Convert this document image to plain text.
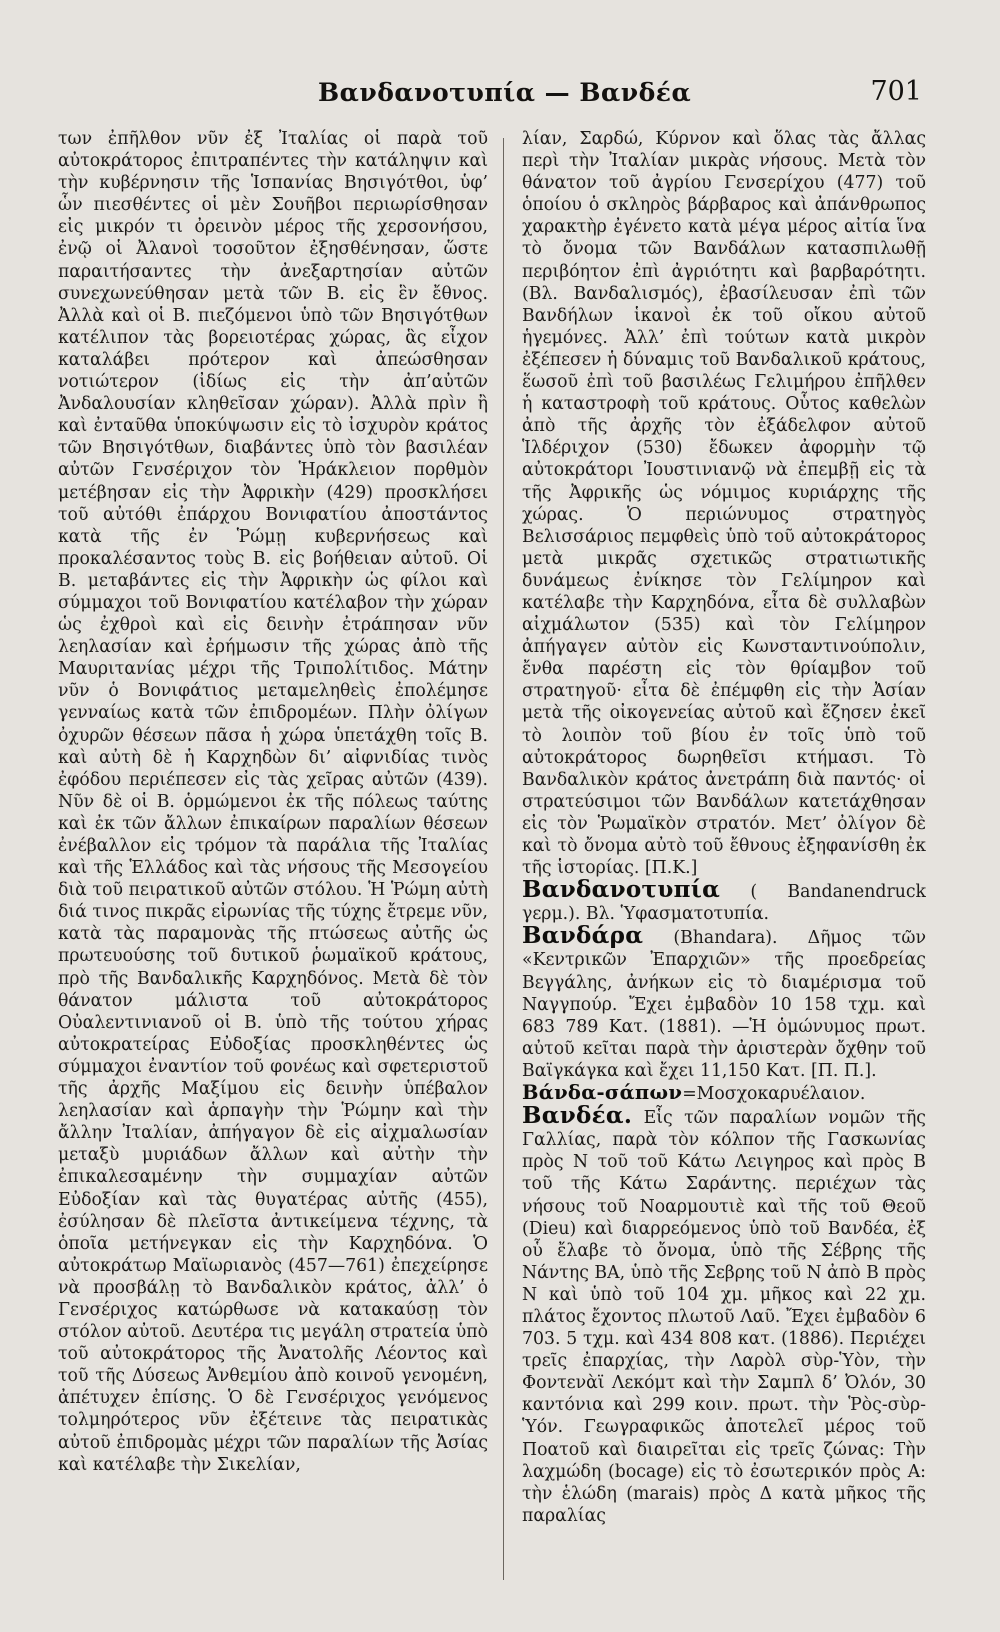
Βανδανοτυπία — Βανδέα	701

των ἐπῆλθον νῦν ἐξ Ἰταλίας οἱ παρὰ τοῦ αὐτοκράτορος ἐπιτραπέντες τὴν κατάληψιν καὶ τὴν κυβέρνησιν τῆς Ἱσπανίας Βησιγότθοι, ὑφ’ ὧν πιεσθέντες οἱ μὲν Σουῆβοι περιωρίσθησαν εἰς μικρόν τι ὀρεινὸν μέρος τῆς χερσονήσου, ἐνῷ οἱ Ἀλανοὶ τοσοῦτον ἐξησθένησαν, ὥστε παραιτήσαντες τὴν ἀνεξαρτησίαν αὐτῶν συνεχωνεύθησαν μετὰ τῶν Β. εἰς ἓν ἔθνος. Ἀλλὰ καὶ οἱ Β. πιεζόμενοι ὑπὸ τῶν Βησιγότθων κατέλιπον τὰς βορειοτέρας χώρας, ἃς εἶχον καταλάβει πρότερον καὶ ἀπεώσθησαν νοτιώτερον (ἰδίως εἰς τὴν ἀπ’αὐτῶν Ἀνδαλουσίαν κληθεῖσαν χώραν). Ἀλλὰ πρὶν ἢ καὶ ἐνταῦθα ὑποκύψωσιν εἰς τὸ ἰσχυρὸν κράτος τῶν Βησιγότθων, διαβάντες ὑπὸ τὸν βασιλέαν αὐτῶν Γενσέριχον τὸν Ἡράκλειον πορθμὸν μετέβησαν εἰς τὴν Ἀφρικὴν (429) προσκλήσει τοῦ αὐτόθι ἐπάρχου Βονιφατίου ἀποστάντος κατὰ τῆς ἐν Ῥώμῃ κυβερνήσεως καὶ προκαλέσαντος τοὺς Β. εἰς βοήθειαν αὐτοῦ. Οἱ Β. μεταβάντες εἰς τὴν Ἀφρικὴν ὡς φίλοι καὶ σύμμαχοι τοῦ Βονιφατίου κατέλαβον τὴν χώραν ὡς ἐχθροὶ καὶ εἰς δεινὴν ἐτράπησαν νῦν λεηλασίαν καὶ ἐρήμωσιν τῆς χώρας ἀπὸ τῆς Μαυριτανίας μέχρι τῆς Τριπολίτιδος. Μάτην νῦν ὁ Βονιφάτιος μεταμεληθεὶς ἐπολέμησε γενναίως κατὰ τῶν ἐπιδρομέων. Πλὴν ὀλίγων ὀχυρῶν θέσεων πᾶσα ἡ χώρα ὑπετάχθη τοῖς Β. καὶ αὐτὴ δὲ ἡ Καρχηδὼν δι’ αἰφνιδίας τινὸς ἐφόδου περιέπεσεν εἰς τὰς χεῖρας αὐτῶν (439). Νῦν δὲ οἱ Β. ὁρμώμενοι ἐκ τῆς πόλεως ταύτης καὶ ἐκ τῶν ἄλλων ἐπικαίρων παραλίων θέσεων ἐνέβαλλον εἰς τρόμον τὰ παράλια τῆς Ἰταλίας καὶ τῆς Ἑλλάδος καὶ τὰς νήσους τῆς Μεσογείου διὰ τοῦ πειρατικοῦ αὐτῶν στόλου. Ἡ Ῥώμη αὐτὴ διά τινος πικρᾶς εἰρωνίας τῆς τύχης ἔτρεμε νῦν, κατὰ τὰς παραμονὰς τῆς πτώσεως αὐτῆς ὡς πρωτευούσης τοῦ δυτικοῦ ῥωμαϊκοῦ κράτους, πρὸ τῆς Βανδαλικῆς Καρχηδόνος. Μετὰ δὲ τὸν θάνατον μάλιστα τοῦ αὐτοκράτορος Οὐαλεντινιανοῦ οἱ Β. ὑπὸ τῆς τούτου χήρας αὐτοκρατείρας Εὐδοξίας προσκληθέντες ὡς σύμμαχοι ἐναντίον τοῦ φονέως καὶ σφετεριστοῦ τῆς ἀρχῆς Μαξίμου εἰς δεινὴν ὑπέβαλον λεηλασίαν καὶ ἁρπαγὴν τὴν Ῥώμην καὶ τὴν ἄλλην Ἰταλίαν, ἀπήγαγον δὲ εἰς αἰχμαλωσίαν μεταξὺ μυριάδων ἄλλων καὶ αὐτὴν τὴν ἐπικαλεσαμένην τὴν συμμαχίαν αὐτῶν Εὐδοξίαν καὶ τὰς θυγατέρας αὐτῆς (455), ἐσύλησαν δὲ πλεῖστα ἀντικείμενα τέχνης, τὰ ὁποῖα μετήνεγκαν εἰς τὴν Καρχηδόνα. Ὁ αὐτοκράτωρ Μαϊωριανὸς (457—761) ἐπεχείρησε νὰ προσβάλῃ τὸ Βανδαλικὸν κράτος, ἀλλ’ ὁ Γενσέριχος κατώρθωσε νὰ κατακαύσῃ τὸν στόλον αὐτοῦ. Δευτέρα τις μεγάλη στρατεία ὑπὸ τοῦ αὐτοκράτορος τῆς Ἀνατολῆς Λέοντος καὶ τοῦ τῆς Δύσεως Ἀνθεμίου ἀπὸ κοινοῦ γενομένη, ἀπέτυχεν ἐπίσης. Ὁ δὲ Γενσέριχος γενόμενος τολμηρότερος νῦν ἐξέτεινε τὰς πειρατικὰς αὐτοῦ ἐπιδρομὰς μέχρι τῶν παραλίων τῆς Ἀσίας καὶ κατέλαβε τὴν Σικελίαν,

λίαν, Σαρδώ, Κύρνον καὶ ὅλας τὰς ἄλλας περὶ τὴν Ἰταλίαν μικρὰς νήσους. Μετὰ τὸν θάνατον τοῦ ἀγρίου Γενσερίχου (477) τοῦ ὁποίου ὁ σκληρὸς βάρβαρος καὶ ἀπάνθρωπος χαρακτὴρ ἐγένετο κατὰ μέγα μέρος αἰτία ἵνα τὸ ὄνομα τῶν Βανδάλων κατασπιλωθῇ περιβόητον ἐπὶ ἀγριότητι καὶ βαρβαρότητι. (Βλ. Βανδαλισμός), ἐβασίλευσαν ἐπὶ τῶν Βανδήλων ἱκανοὶ ἐκ τοῦ οἴκου αὐτοῦ ἡγεμόνες. Ἀλλ’ ἐπὶ τούτων κατὰ μικρὸν ἐξέπεσεν ἡ δύναμις τοῦ Βανδαλικοῦ κράτους, ἕωσοῦ ἐπὶ τοῦ βασιλέως Γελιμήρου ἐπῆλθεν ἡ καταστροφὴ τοῦ κράτους. Οὗτος καθελὼν ἀπὸ τῆς ἀρχῆς τὸν ἐξάδελφον αὐτοῦ Ἱλδέριχον (530) ἔδωκεν ἀφορμὴν τῷ αὐτοκράτορι Ἰουστινιανῷ νὰ ἐπεμβῇ εἰς τὰ τῆς Ἀφρικῆς ὡς νόμιμος κυριάρχης τῆς χώρας. Ὁ περιώνυμος στρατηγὸς Βελισσάριος πεμφθεὶς ὑπὸ τοῦ αὐτοκράτορος μετὰ μικρᾶς σχετικῶς στρατιωτικῆς δυνάμεως ἐνίκησε τὸν Γελίμηρον καὶ κατέλαβε τὴν Καρχηδόνα, εἶτα δὲ συλλαβὼν αἰχμάλωτον (535) καὶ τὸν Γελίμηρον ἀπήγαγεν αὐτὸν εἰς Κωνσταντινούπολιν, ἔνθα παρέστη εἰς τὸν θρίαμβον τοῦ στρατηγοῦ· εἶτα δὲ ἐπέμφθη εἰς τὴν Ἀσίαν μετὰ τῆς οἰκογενείας αὐτοῦ καὶ ἔζησεν ἐκεῖ τὸ λοιπὸν τοῦ βίου ἐν τοῖς ὑπὸ τοῦ αὐτοκράτορος δωρηθεῖσι κτήμασι. Τὸ Βανδαλικὸν κράτος ἀνετράπη διὰ παντός· οἱ στρατεύσιμοι τῶν Βανδάλων κατετάχθησαν εἰς τὸν Ῥωμαϊκὸν στρατόν. Μετ’ ὀλίγον δὲ καὶ τὸ ὄνομα αὐτὸ τοῦ ἔθνους ἐξηφανίσθη ἐκ τῆς ἱστορίας. [Π.Κ.]

Βανδανοτυπία ( Bandanendruck γερμ.). Βλ. Ὑφασματοτυπία.

Βανδάρα (Bhandara). Δῆμος τῶν «Κεντρικῶν Ἐπαρχιῶν» τῆς προεδρείας Βεγγάλης, ἀνήκων εἰς τὸ διαμέρισμα τοῦ Ναγγπούρ. Ἔχει ἐμβαδὸν 10 158 τχμ. καὶ 683 789 Κατ. (1881). —Ἡ ὁμώνυμος πρωτ. αὐτοῦ κεῖται παρὰ τὴν ἀριστερὰν ὄχθην τοῦ Βαϊγκάγκα καὶ ἔχει 11,150 Κατ. [Π. Π.].

Βάνδα-σάπων=Μοσχοκαρυέλαιον.

Βανδέα. Εἷς τῶν παραλίων νομῶν τῆς Γαλλίας, παρὰ τὸν κόλπον τῆς Γασκωνίας πρὸς Ν τοῦ τοῦ Κάτω Λειγηρος καὶ πρὸς Β τοῦ τῆς Κάτω Σαράντης. περιέχων τὰς νήσους τοῦ Νοαρμουτιὲ καὶ τῆς τοῦ Θεοῦ (Dieu) καὶ διαρρεόμενος ὑπὸ τοῦ Βανδέα, ἐξ οὗ ἔλαβε τὸ ὄνομα, ὑπὸ τῆς Σέβρης τῆς Νάντης ΒΑ, ὑπὸ τῆς Σεβρης τοῦ Ν ἀπὸ Β πρὸς Ν καὶ ὑπὸ τοῦ 104 χμ. μῆκος καὶ 22 χμ. πλάτος ἔχοντος πλωτοῦ Λαῦ. Ἔχει ἐμβαδὸν 6 703. 5 τχμ. καὶ 434 808 κατ. (1886). Περιέχει τρεῖς ἐπαρχίας, τὴν Λαρὸλ σὺρ-Ὑὸν, τὴν Φοντενὰϊ Λεκόμτ καὶ τὴν Σαμπλ δ’ Ὀλόν, 30 καντόνια καὶ 299 κοιν. πρωτ. τὴν Ῥὸς-σὺρ-Ὑόν. Γεωγραφικῶς ἀποτελεῖ μέρος τοῦ Ποατοῦ καὶ διαιρεῖται εἰς τρεῖς ζώνας: Τὴν λαχμώδη (bocage) εἰς τὸ ἐσωτερικόν πρὸς Α: τὴν ἑλώδη (marais) πρὸς Δ κατὰ μῆκος τῆς παραλίας
